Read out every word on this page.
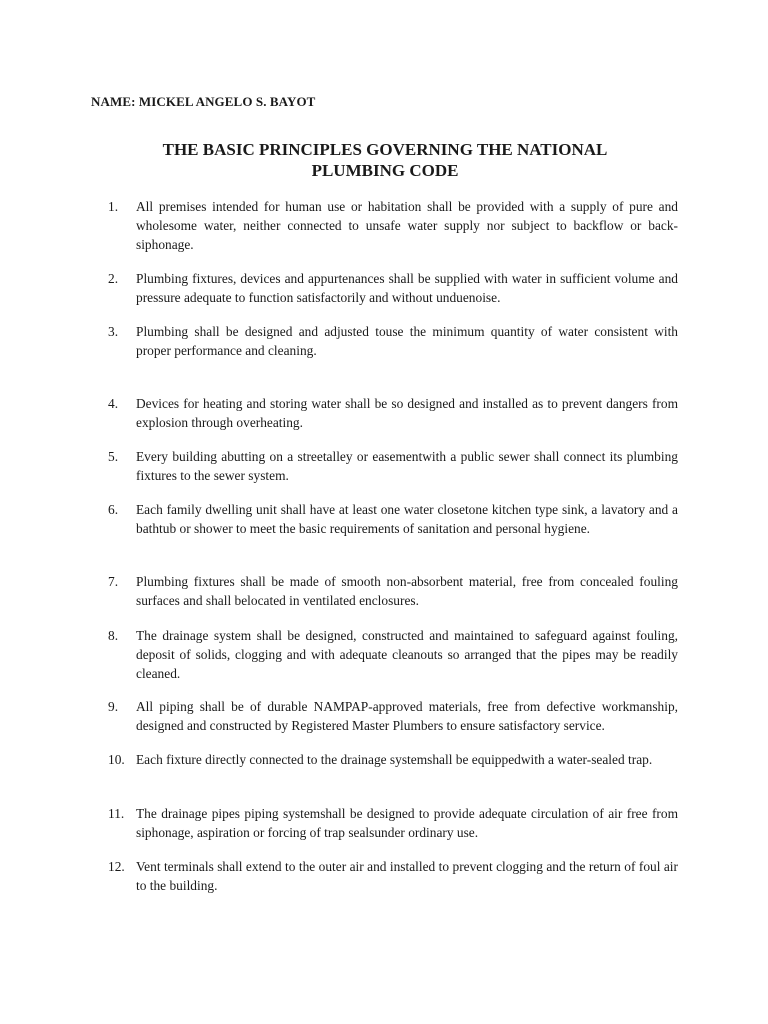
NAME: MICKEL ANGELO S. BAYOT
THE BASIC PRINCIPLES GOVERNING THE NATIONAL
PLUMBING CODE
1.	All premises intended for human use or habitation shall be provided with a supply of pure and wholesome water, neither connected to unsafe water supply nor subject to backflow or back- siphonage.
2.	Plumbing fixtures, devices and appurtenances shall be supplied with water in sufficient volume and pressure adequate to function satisfactorily and without unduenoise.
3.	Plumbing shall be designed and adjusted touse the minimum quantity of water consistent with proper performance and cleaning.
4.	Devices for heating and storing water shall be so designed and installed as to prevent dangers from explosion through overheating.
5.	Every building abutting on a streetalley or easementwith a public sewer shall connect its plumbing fixtures to the sewer system.
6.	Each family dwelling unit shall have at least one water closetone kitchen type sink, a lavatory and a bathtub or shower to meet the basic requirements of sanitation and personal hygiene.
7.	Plumbing fixtures shall be made of smooth non-absorbent material, free from concealed fouling surfaces and shall belocated in ventilated enclosures.
8.	The drainage system shall be designed, constructed and maintained to safeguard against fouling, deposit of solids, clogging and with adequate cleanouts so arranged that the pipes may be readily cleaned.
9.	All piping shall be of durable NAMPAP-approved materials, free from defective workmanship, designed and constructed by Registered Master Plumbers to ensure satisfactory service.
10. Each fixture directly connected to the drainage systemshall be equippedwith a water-sealed trap.
11. The drainage pipes piping systemshall be designed to provide adequate circulation of air free from siphonage, aspiration or forcing of trap sealsunder ordinary use.
12. Vent terminals shall extend to the outer air and installed to prevent clogging and the return of foul air to the building.
